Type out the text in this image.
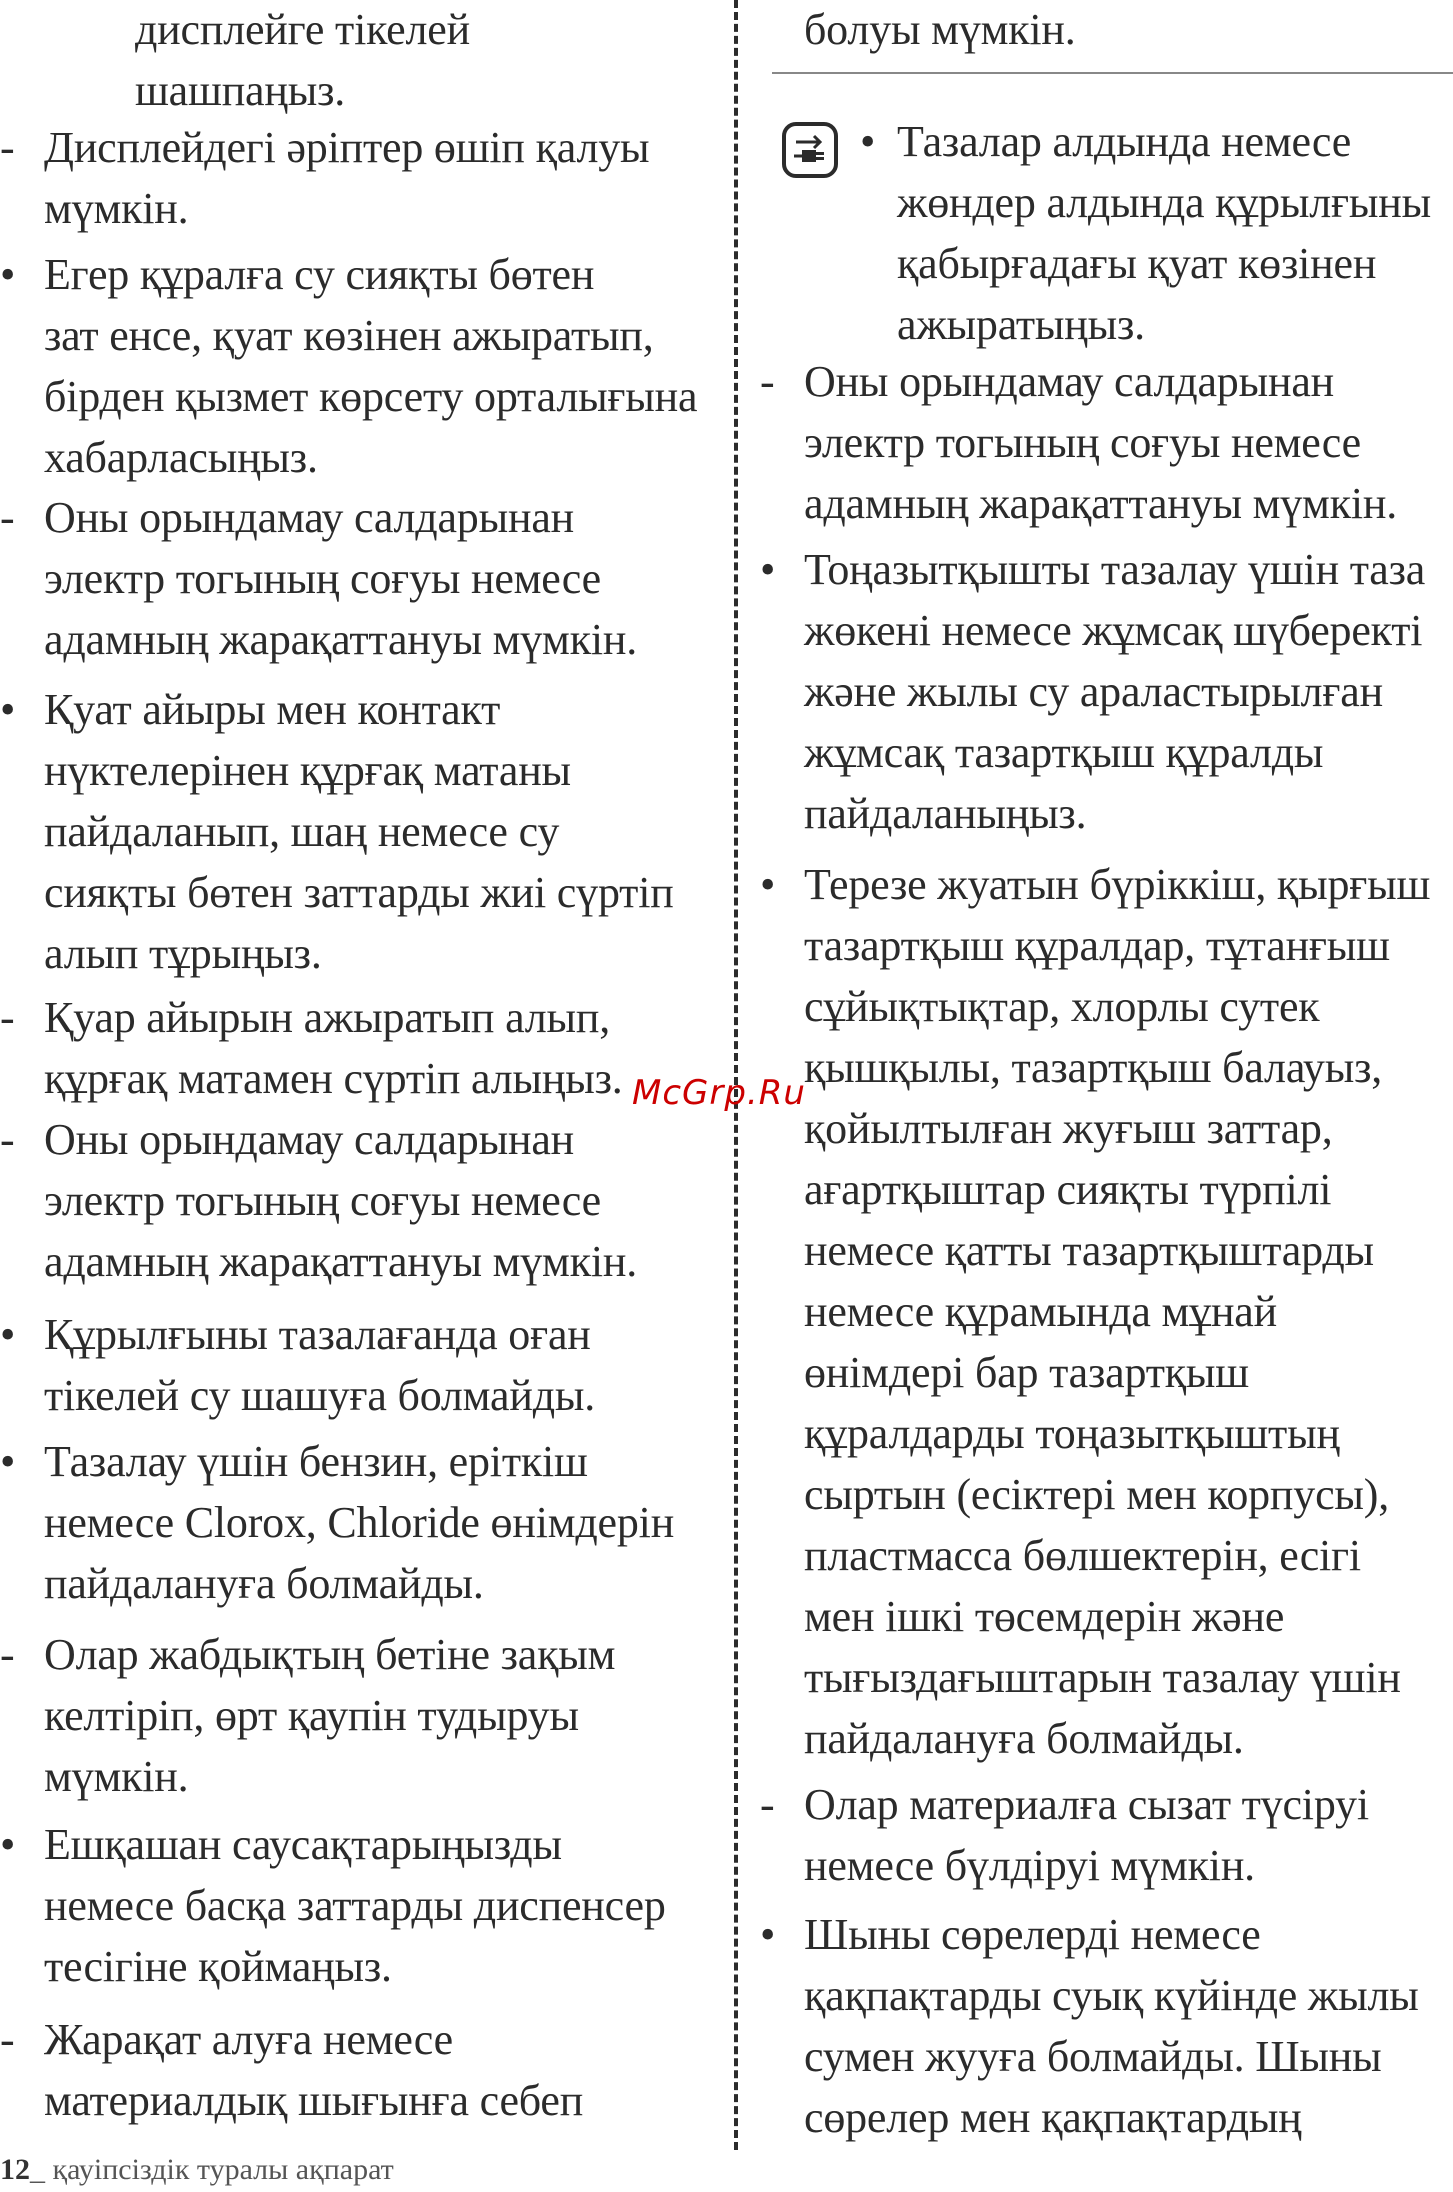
дисплейге тікелей
шашпаңыз.
- Дисплейдегі әріптер өшіп қалуы
мүмкін.
• Егер құралға су сияқты бөтен
зат енсе, қуат көзінен ажыратып,
бірден қызмет көрсету орталығына
хабарласыңыз.
- Оны орындамау салдарынан
электр тогының соғуы немесе
адамның жарақаттануы мүмкін.
• Қуат айыры мен контакт
нүктелерінен құрғақ матаны
пайдаланып, шаң немесе су
сияқты бөтен заттарды жиі сүртіп
алып тұрыңыз.
- Қуар айырын ажыратып алып,
құрғақ матамен сүртіп алыңыз.
- Оны орындамау салдарынан
электр тогының соғуы немесе
адамның жарақаттануы мүмкін.
• Құрылғыны тазалағанда оған
тікелей су шашуға болмайды.
• Тазалау үшін бензин, еріткіш
немесе Clorox, Chloride өнімдерін
пайдалануға болмайды.
- Олар жабдықтың бетіне зақым
келтіріп, өрт қаупін тудыруы
мүмкін.
• Ешқашан саусақтарыңызды
немесе басқа заттарды диспенсер
тесігіне қоймаңыз.
- Жарақат алуға немесе
материалдық шығынға себеп
болуы мүмкін.
• Тазалар алдында немесе
жөндер алдында құрылғыны
қабырғадағы қуат көзінен
ажыратыңыз.
- Оны орындамау салдарынан
электр тогының соғуы немесе
адамның жарақаттануы мүмкін.
• Тоңазытқышты тазалау үшін таза
жөкені немесе жұмсақ шүберекті
және жылы су араластырылған
жұмсақ тазартқыш құралды
пайдаланыңыз.
• Терезе жуатын бүріккіш, қырғыш
тазартқыш құралдар, тұтанғыш
сұйықтықтар, хлорлы сутек
қышқылы, тазартқыш балауыз,
қойылтылған жуғыш заттар,
ағартқыштар сияқты түрпілі
немесе қатты тазартқыштарды
немесе құрамында мұнай
өнімдері бар тазартқыш
құралдарды тоңазытқыштың
сыртын (есіктері мен корпусы),
пластмасса бөлшектерін, есігі
мен ішкі төсемдерін және
тығыздағыштарын тазалау үшін
пайдалануға болмайды.
- Олар материалға сызат түсіруі
немесе бүлдіруі мүмкін.
• Шыны сөрелерді немесе
қақпақтарды суық күйінде жылы
сумен жууға болмайды. Шыны
сөрелер мен қақпақтардың
McGrp.Ru
12_ қауіпсіздік туралы ақпарат
